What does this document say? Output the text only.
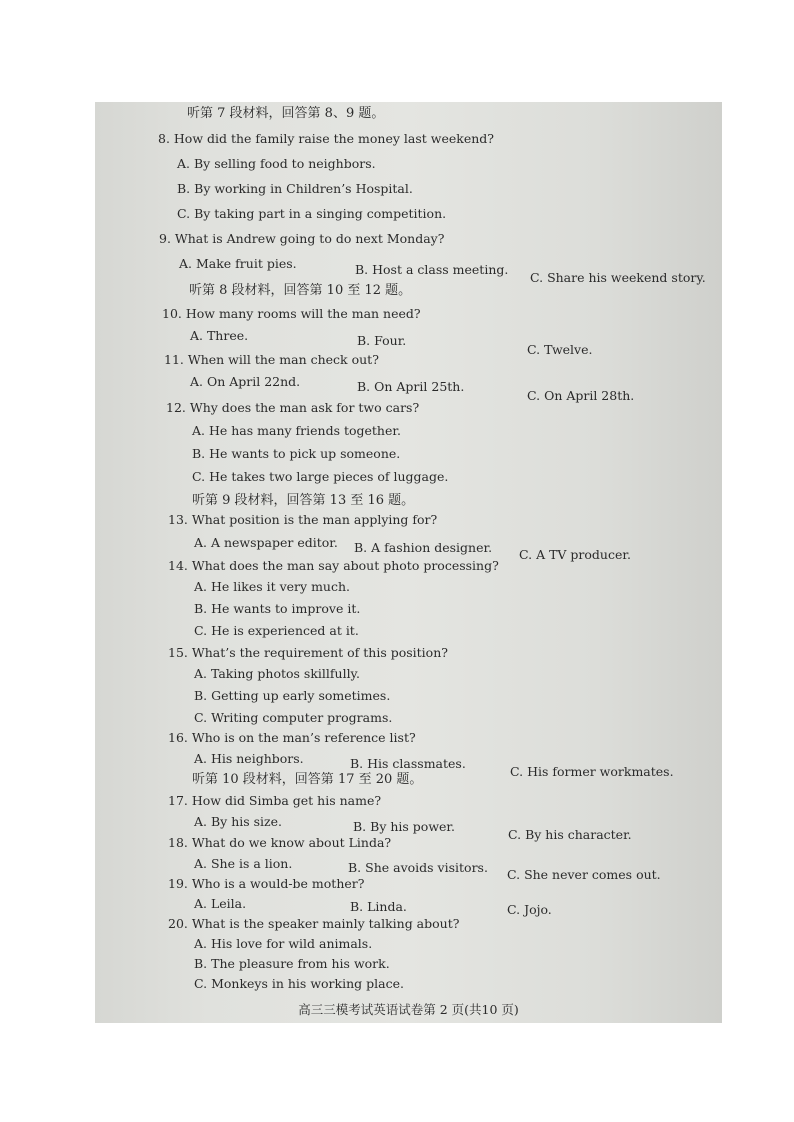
听第 7 段材料，回答第 8、9 题。
8. How did the family raise the money last weekend?
A. By selling food to neighbors.
B. By working in Children’s Hospital.
C. By taking part in a singing competition.
9. What is Andrew going to do next Monday?
A. Make fruit pies.	B. Host a class meeting.
C. Share his weekend story.
听第 8 段材料，回答第 10 至 12 题。
10. How many rooms will the man need?
A. Three.	B. Four.
C. Twelve.
11. When will the man check out?
A. On April 22nd.	B. On April 25th.
C. On April 28th.
12. Why does the man ask for two cars?
A. He has many friends together.
B. He wants to pick up someone.
C. He takes two large pieces of luggage.
听第 9 段材料，回答第 13 至 16 题。
13. What position is the man applying for?
A. A newspaper editor. B. A fashion designer. C. A TV producer.
14. What does the man say about photo processing?
A. He likes it very much.
B. He wants to improve it.
C. He is experienced at it.
15. What’s the requirement of this position?
A. Taking photos skillfully.
B. Getting up early sometimes.
C. Writing computer programs.
16. Who is on the man’s reference list?
A. His neighbors.	B. His classmates.
C. His former workmates.
听第 10 段材料，回答第 17 至 20 题。
17. How did Simba get his name?
A. By his size.	B. By his power.
C. By his character.
18. What do we know about Linda?
A. She is a lion.	B. She avoids visitors. C. She never comes out.
19. Who is a would-be mother?
A. Leila.	B. Linda.	C. Jojo.
20. What is the speaker mainly talking about?
A. His love for wild animals.
B. The pleasure from his work.
C. Monkeys in his working place.
高三三模考试英语试卷第 2 页(共10 页)
